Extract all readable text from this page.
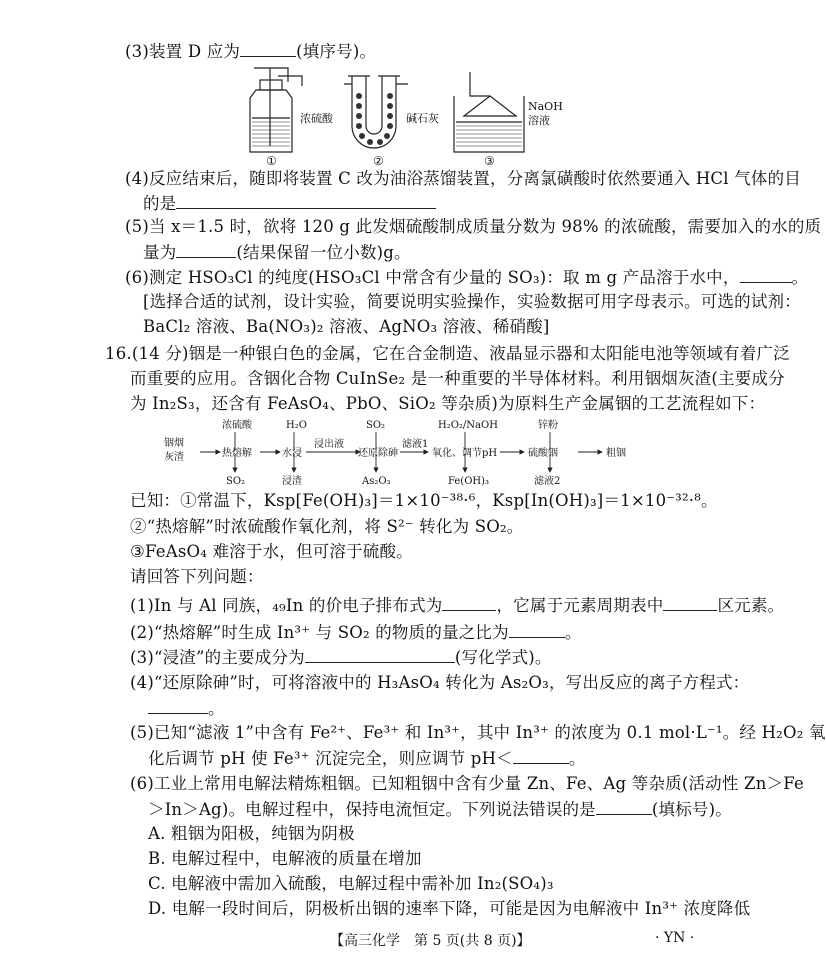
(3)装置 D 应为	(填序号)。
浓硫酸
①
碱石灰
②
NaOH
溶液
③
(4)反应结束后，随即将装置 C 改为油浴蒸馏装置，分离氯磺酸时依然要通入 HCl 气体的目
的是
(5)当 x＝1.5 时，欲将 120 g 此发烟硫酸制成质量分数为 98% 的浓硫酸，需要加入的水的质
量为	(结果保留一位小数)g。
(6)测定 HSO₃Cl 的纯度(HSO₃Cl 中常含有少量的 SO₃)：取 m g 产品溶于水中，	。
[选择合适的试剂，设计实验，简要说明实验操作，实验数据可用字母表示。可选的试剂：
BaCl₂ 溶液、Ba(NO₃)₂ 溶液、AgNO₃ 溶液、稀硝酸]
16.(14 分)铟是一种银白色的金属，它在合金制造、液晶显示器和太阳能电池等领域有着广泛
而重要的应用。含铟化合物 CuInSe₂ 是一种重要的半导体材料。利用铟烟灰渣(主要成分
为 In₂S₃，还含有 FeAsO₄、PbO、SiO₂ 等杂质)为原料生产金属铟的工艺流程如下：
铟烟
灰渣
浓硫酸
热熔解
SO₂
H₂O
水浸
浸渣
浸出液
SO₂
还原除砷
As₂O₃
滤液1
H₂O₂/NaOH
氧化、调节pH
Fe(OH)₃
锌粉
硫酸铟
滤液2
粗铟
已知：①常温下，Ksp[Fe(OH)₃]＝1×10⁻³⁸·⁶，Ksp[In(OH)₃]＝1×10⁻³²·⁸。
②“热熔解”时浓硫酸作氧化剂，将 S²⁻ 转化为 SO₂。
③FeAsO₄ 难溶于水，但可溶于硫酸。
请回答下列问题：
(1)In 与 Al 同族，₄₉In 的价电子排布式为	，它属于元素周期表中	区元素。
(2)“热熔解”时生成 In³⁺ 与 SO₂ 的物质的量之比为	。
(3)“浸渣”的主要成分为	(写化学式)。
(4)“还原除砷”时，可将溶液中的 H₃AsO₄ 转化为 As₂O₃，写出反应的离子方程式：
。
(5)已知“滤液 1”中含有 Fe²⁺、Fe³⁺ 和 In³⁺，其中 In³⁺ 的浓度为 0.1 mol·L⁻¹。经 H₂O₂ 氧
化后调节 pH 使 Fe³⁺ 沉淀完全，则应调节 pH＜	。
(6)工业上常用电解法精炼粗铟。已知粗铟中含有少量 Zn、Fe、Ag 等杂质(活动性 Zn＞Fe
＞In＞Ag)。电解过程中，保持电流恒定。下列说法错误的是	(填标号)。
A. 粗铟为阳极，纯铟为阴极
B. 电解过程中，电解液的质量在增加
C. 电解液中需加入硫酸，电解过程中需补加 In₂(SO₄)₃
D. 电解一段时间后，阴极析出铟的速率下降，可能是因为电解液中 In³⁺ 浓度降低
【高三化学　第 5 页(共 8 页)】	· YN ·
